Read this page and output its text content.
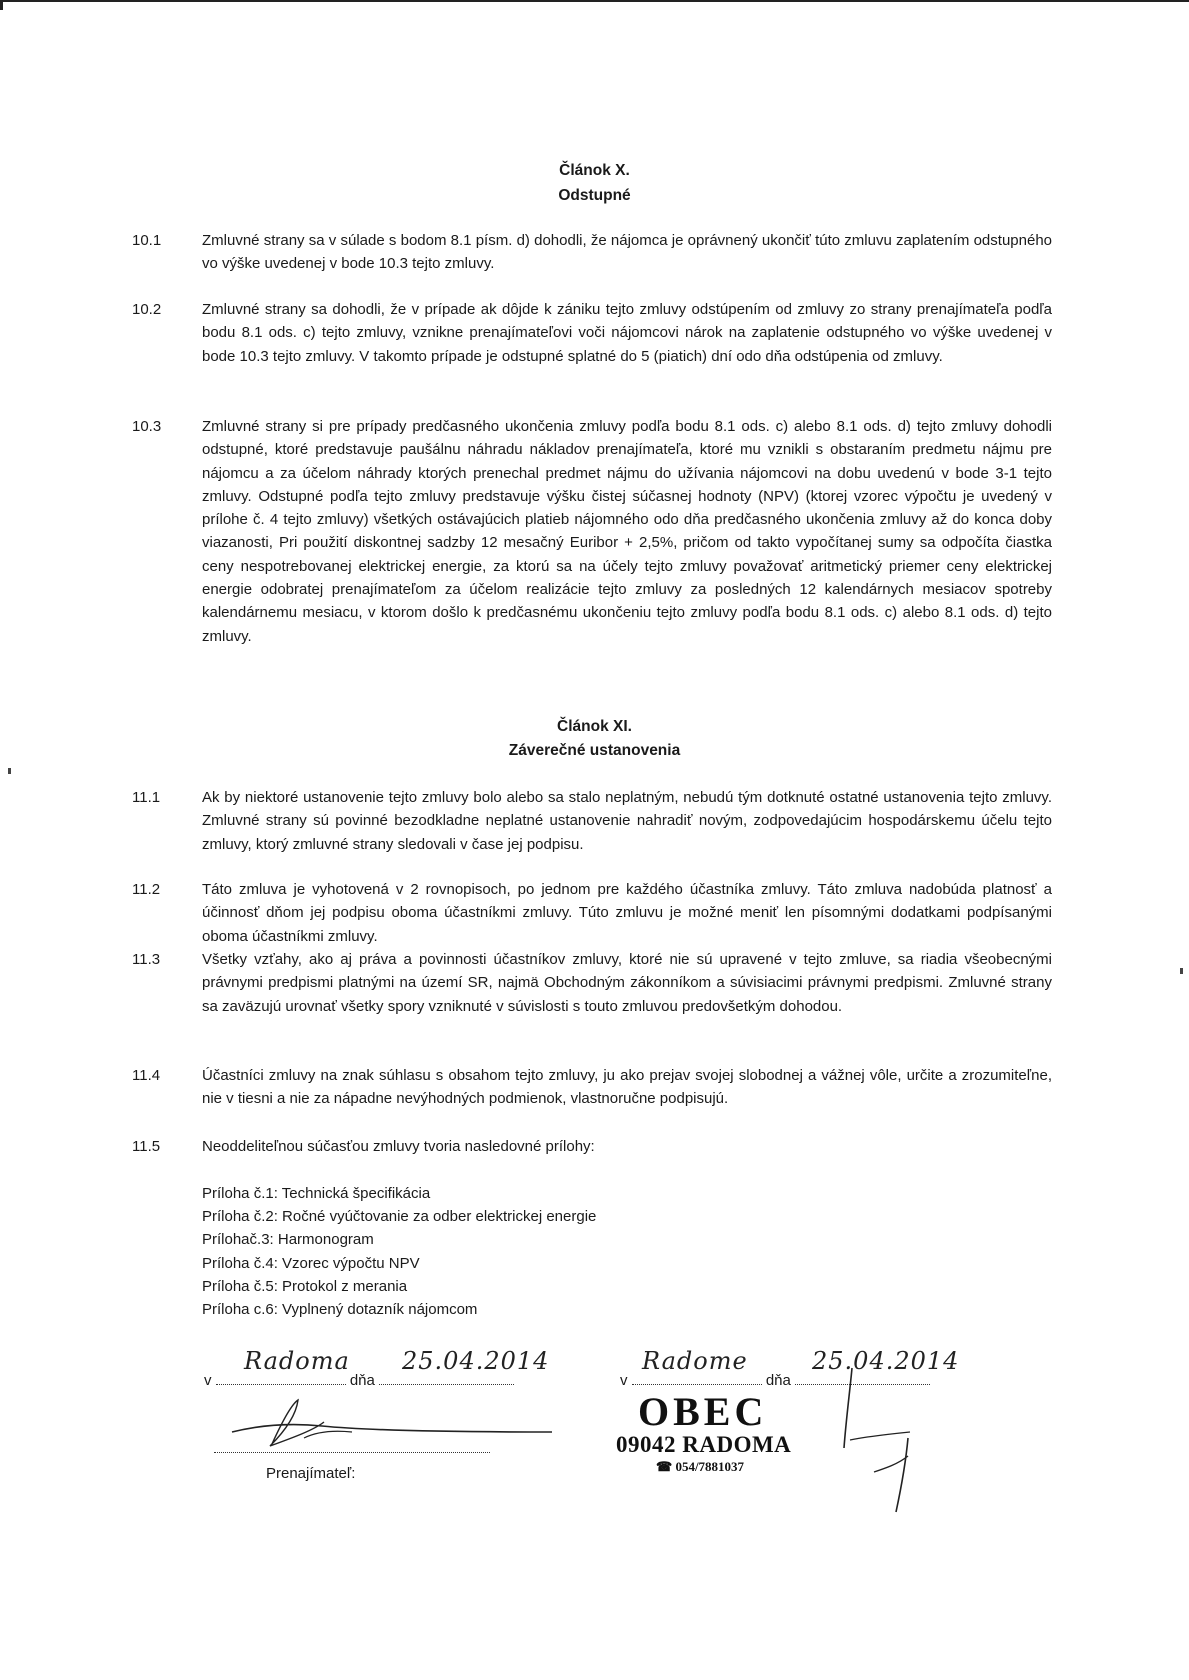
Článok X.
Odstupné
10.1	Zmluvné strany sa v súlade s bodom 8.1 písm. d) dohodli, že nájomca je oprávnený ukončiť túto zmluvu zaplatením odstupného vo výške uvedenej v bode 10.3 tejto zmluvy.
10.2	Zmluvné strany sa dohodli, že v prípade ak dôjde k zániku tejto zmluvy odstúpením od zmluvy zo strany prenajímateľa podľa bodu 8.1 ods. c) tejto zmluvy, vznikne prenajímateľovi voči nájomcovi nárok na zaplatenie odstupného vo výške uvedenej v bode 10.3 tejto zmluvy. V takomto prípade je odstupné splatné do 5 (piatich) dní odo dňa odstúpenia od zmluvy.
10.3	Zmluvné strany si pre prípady predčasného ukončenia zmluvy podľa bodu 8.1 ods. c) alebo 8.1 ods. d) tejto zmluvy dohodli odstupné, ktoré predstavuje paušálnu náhradu nákladov prenajímateľa, ktoré mu vznikli s obstaraním predmetu nájmu pre nájomcu a za účelom náhrady ktorých prenechal predmet nájmu do užívania nájomcovi na dobu uvedenú v bode 3-1 tejto zmluvy. Odstupné podľa tejto zmluvy predstavuje výšku čistej súčasnej hodnoty (NPV) (ktorej vzorec výpočtu je uvedený v prílohe č. 4 tejto zmluvy) všetkých ostávajúcich platieb nájomného odo dňa predčasného ukončenia zmluvy až do konca doby viazanosti, Pri použití diskontnej sadzby 12 mesačný Euribor + 2,5%, pričom od takto vypočítanej sumy sa odpočíta čiastka ceny nespotrebovanej elektrickej energie, za ktorú sa na účely tejto zmluvy považovať aritmetický priemer ceny elektrickej energie odobratej prenajímateľom za účelom realizácie tejto zmluvy za posledných 12 kalendárnych mesiacov spotreby kalendárnemu mesiacu, v ktorom došlo k predčasnému ukončeniu tejto zmluvy podľa bodu 8.1 ods. c) alebo 8.1 ods. d) tejto zmluvy.
Článok XI.
Záverečné ustanovenia
11.1	Ak by niektoré ustanovenie tejto zmluvy bolo alebo sa stalo neplatným, nebudú tým dotknuté ostatné ustanovenia tejto zmluvy. Zmluvné strany sú povinné bezodkladne neplatné ustanovenie nahradiť novým, zodpovedajúcim hospodárskemu účelu tejto zmluvy, ktorý zmluvné strany sledovali v čase jej podpisu.
11.2	Táto zmluva je vyhotovená v 2 rovnopisoch, po jednom pre každého účastníka zmluvy. Táto zmluva nadobúda platnosť a účinnosť dňom jej podpisu oboma účastníkmi zmluvy. Túto zmluvu je možné meniť len písomnými dodatkami podpísanými oboma účastníkmi zmluvy.
11.3	Všetky vzťahy, ako aj práva a povinnosti účastníkov zmluvy, ktoré nie sú upravené v tejto zmluve, sa riadia všeobecnými právnymi predpismi platnými na území SR, najmä Obchodným zákonníkom a súvisiacimi právnymi predpismi. Zmluvné strany sa zaväzujú urovnať všetky spory vzniknuté v súvislosti s touto zmluvou predovšetkým dohodou.
11.4	Účastníci zmluvy na znak súhlasu s obsahom tejto zmluvy, ju ako prejav svojej slobodnej a vážnej vôle, určite a zrozumiteľne, nie v tiesni a nie za nápadne nevýhodných podmienok, vlastnoručne podpisujú.
11.5	Neoddeliteľnou súčasťou zmluvy tvoria nasledovné prílohy:
Príloha č.1: Technická špecifikácia
Príloha č.2: Ročné vyúčtovanie za odber elektrickej energie
Prílohač.3: Harmonogram
Príloha č.4: Vzorec výpočtu NPV
Príloha č.5: Protokol z merania
Príloha c.6: Vyplnený dotazník nájomcom
v	dňa
Radoma 25.04.2014
Prenajímateľ:
v	dňa
Radome	25.04.2014
OBEC
09042 RADOMA
☎ 054/7881037
